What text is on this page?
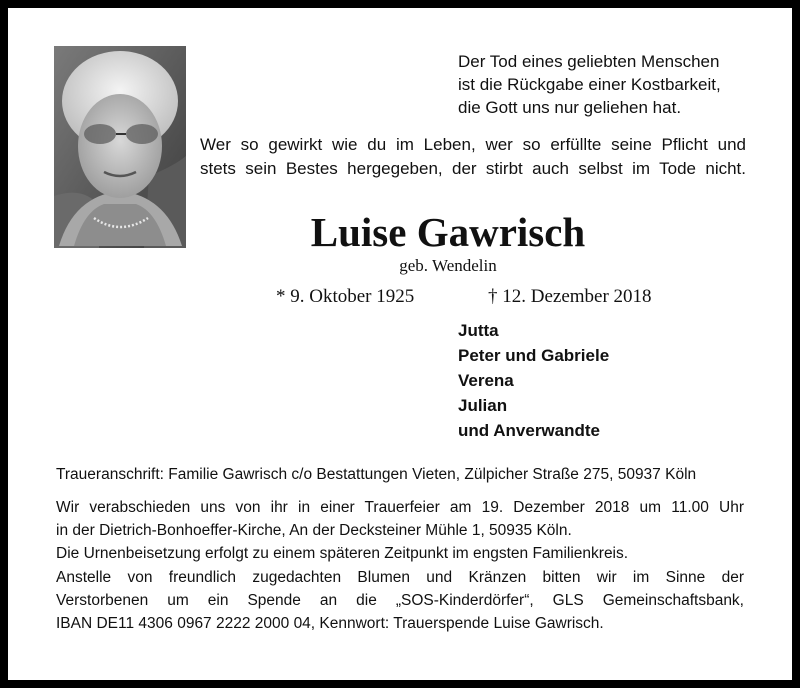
Der Tod eines geliebten Menschen
ist die Rückgabe einer Kostbarkeit,
die Gott uns nur geliehen hat.
Wer so gewirkt wie du im Leben, wer so erfüllte seine Pflicht und
stets sein Bestes hergegeben, der stirbt auch selbst im Tode nicht.
Luise Gawrisch
geb. Wendelin
* 9. Oktober 1925	† 12. Dezember 2018
Jutta
Peter und Gabriele
Verena
Julian
und Anverwandte
Traueranschrift: Familie Gawrisch c/o Bestattungen Vieten, Zülpicher Straße 275, 50937 Köln
Wir verabschieden uns von ihr in einer Trauerfeier am 19. Dezember 2018 um 11.00 Uhr
in der Dietrich-Bonhoeffer-Kirche, An der Decksteiner Mühle 1, 50935 Köln.
Die Urnenbeisetzung erfolgt zu einem späteren Zeitpunkt im engsten Familienkreis.
Anstelle von freundlich zugedachten Blumen und Kränzen bitten wir im Sinne der
Verstorbenen um ein Spende an die „SOS-Kinderdörfer“, GLS Gemeinschaftsbank,
IBAN DE11 4306 0967 2222 2000 04, Kennwort: Trauerspende Luise Gawrisch.
